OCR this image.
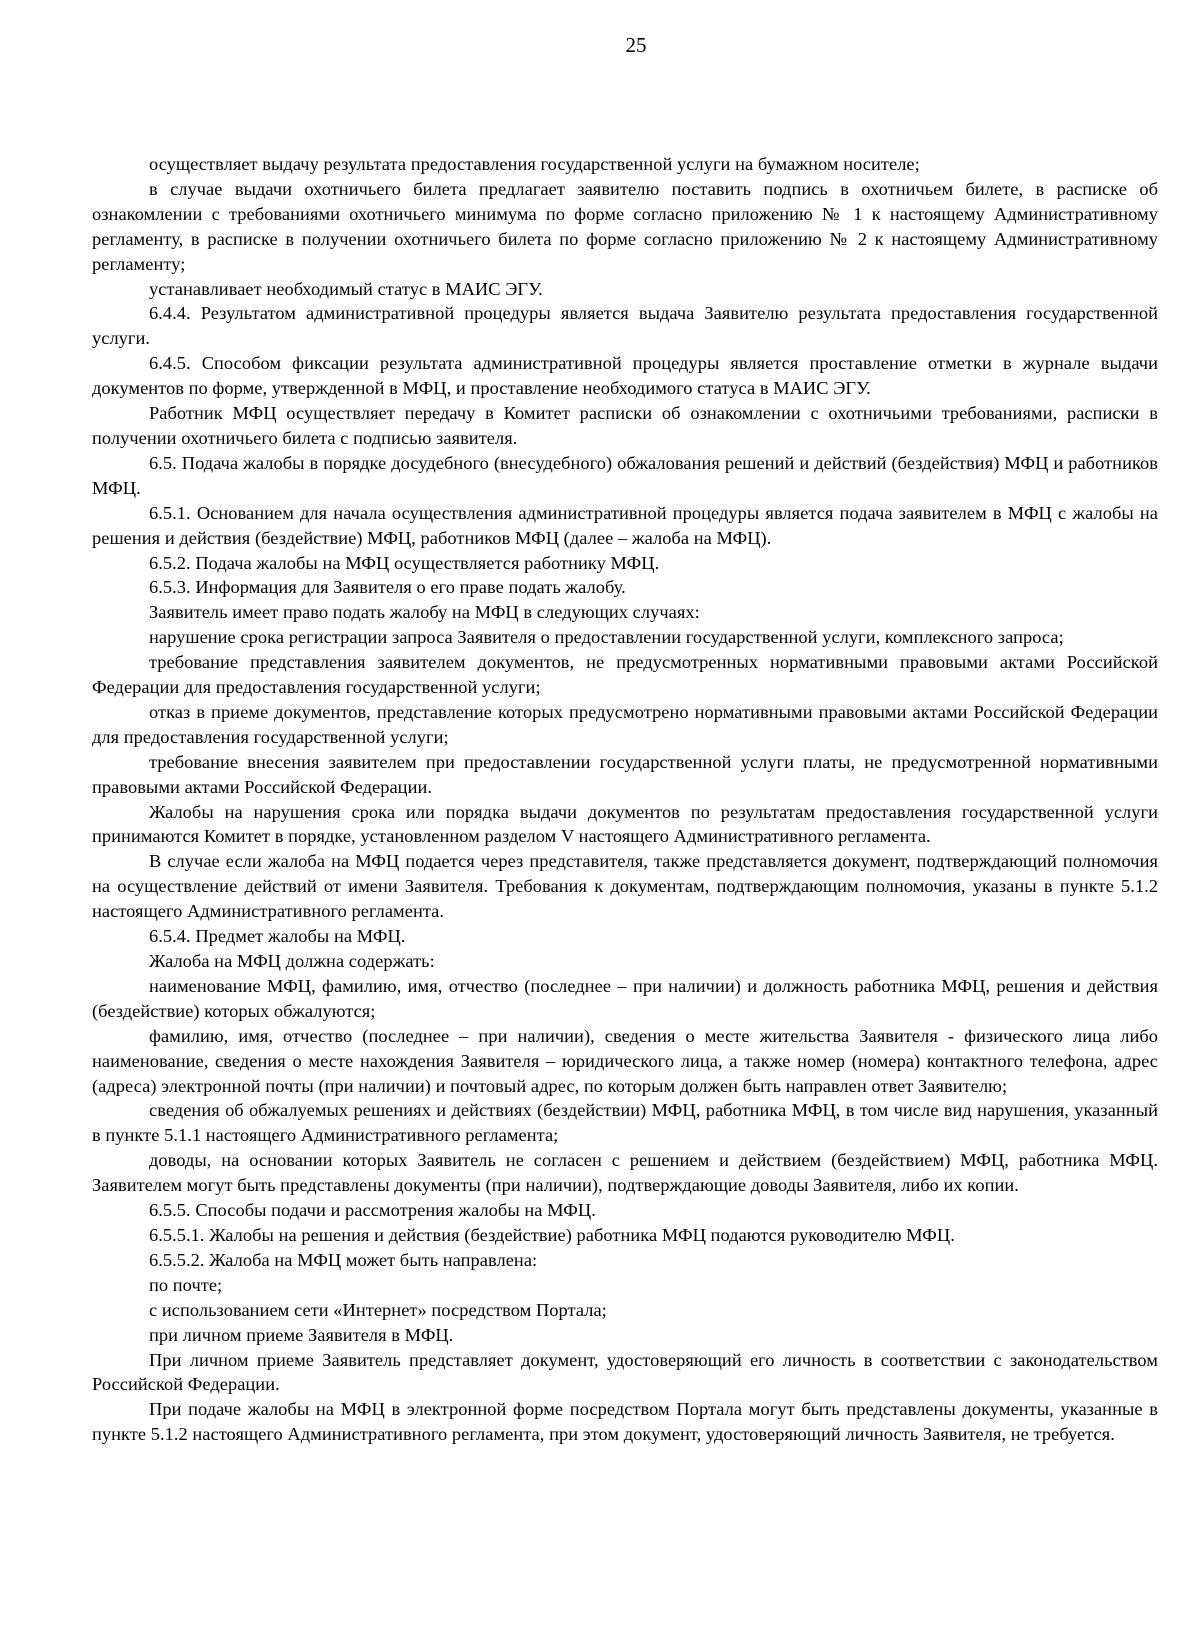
25

осуществляет выдачу результата предоставления государственной услуги на бумажном носителе;

в случае выдачи охотничьего билета предлагает заявителю поставить подпись в охотничьем билете, в расписке об ознакомлении с требованиями охотничьего минимума по форме согласно приложению № 1 к настоящему Административному регламенту, в расписке в получении охотничьего билета по форме согласно приложению № 2 к настоящему Административному регламенту;

устанавливает необходимый статус в МАИС ЭГУ.

6.4.4. Результатом административной процедуры является выдача Заявителю результата предоставления государственной услуги.

6.4.5. Способом фиксации результата административной процедуры является проставление отметки в журнале выдачи документов по форме, утвержденной в МФЦ, и проставление необходимого статуса в МАИС ЭГУ.

Работник МФЦ осуществляет передачу в Комитет расписки об ознакомлении с охотничьими требованиями, расписки в получении охотничьего билета с подписью заявителя.

6.5. Подача жалобы в порядке досудебного (внесудебного) обжалования решений и действий (бездействия) МФЦ и работников МФЦ.

6.5.1. Основанием для начала осуществления административной процедуры является подача заявителем в МФЦ с жалобы на решения и действия (бездействие) МФЦ, работников МФЦ (далее – жалоба на МФЦ).

6.5.2. Подача жалобы на МФЦ осуществляется работнику МФЦ.

6.5.3. Информация для Заявителя о его праве подать жалобу.

Заявитель имеет право подать жалобу на МФЦ в следующих случаях:

нарушение срока регистрации запроса Заявителя о предоставлении государственной услуги, комплексного запроса;

требование представления заявителем документов, не предусмотренных нормативными правовыми актами Российской Федерации для предоставления государственной услуги;

отказ в приеме документов, представление которых предусмотрено нормативными правовыми актами Российской Федерации для предоставления государственной услуги;

требование внесения заявителем при предоставлении государственной услуги платы, не предусмотренной нормативными правовыми актами Российской Федерации.

Жалобы на нарушения срока или порядка выдачи документов по результатам предоставления государственной услуги принимаются Комитет в порядке, установленном разделом V настоящего Административного регламента.

В случае если жалоба на МФЦ подается через представителя, также представляется документ, подтверждающий полномочия на осуществление действий от имени Заявителя. Требования к документам, подтверждающим полномочия, указаны в пункте 5.1.2 настоящего Административного регламента.

6.5.4. Предмет жалобы на МФЦ.

Жалоба на МФЦ должна содержать:

наименование МФЦ, фамилию, имя, отчество (последнее – при наличии) и должность работника МФЦ, решения и действия (бездействие) которых обжалуются;

фамилию, имя, отчество (последнее – при наличии), сведения о месте жительства Заявителя - физического лица либо наименование, сведения о месте нахождения Заявителя – юридического лица, а также номер (номера) контактного телефона, адрес (адреса) электронной почты (при наличии) и почтовый адрес, по которым должен быть направлен ответ Заявителю;

сведения об обжалуемых решениях и действиях (бездействии) МФЦ, работника МФЦ, в том числе вид нарушения, указанный в пункте 5.1.1 настоящего Административного регламента;

доводы, на основании которых Заявитель не согласен с решением и действием (бездействием) МФЦ, работника МФЦ. Заявителем могут быть представлены документы (при наличии), подтверждающие доводы Заявителя, либо их копии.

6.5.5. Способы подачи и рассмотрения жалобы на МФЦ.

6.5.5.1. Жалобы на решения и действия (бездействие) работника МФЦ подаются руководителю МФЦ.

6.5.5.2. Жалоба на МФЦ может быть направлена:

по почте;

с использованием сети «Интернет» посредством Портала;

при личном приеме Заявителя в МФЦ.

При личном приеме Заявитель представляет документ, удостоверяющий его личность в соответствии с законодательством Российской Федерации.

При подаче жалобы на МФЦ в электронной форме посредством Портала могут быть представлены документы, указанные в пункте 5.1.2 настоящего Административного регламента, при этом документ, удостоверяющий личность Заявителя, не требуется.
